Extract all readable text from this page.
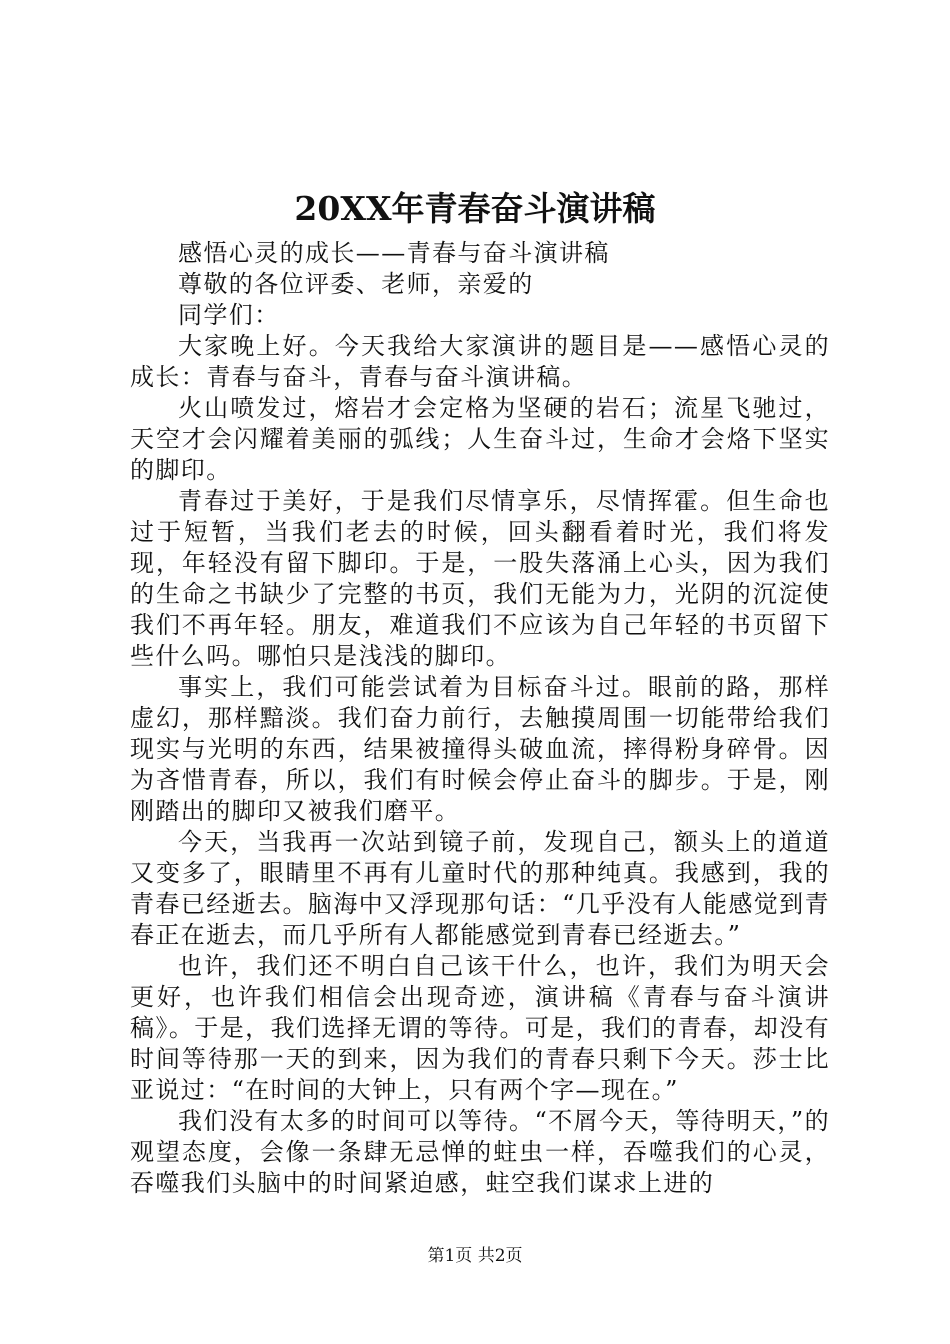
20XX年青春奋斗演讲稿

感悟心灵的成长——青春与奋斗演讲稿

尊敬的各位评委、老师，亲爱的

同学们：

大家晚上好。今天我给大家演讲的题目是——感悟心灵的成长：青春与奋斗，青春与奋斗演讲稿。

火山喷发过，熔岩才会定格为坚硬的岩石；流星飞驰过，天空才会闪耀着美丽的弧线；人生奋斗过，生命才会烙下坚实的脚印。

青春过于美好，于是我们尽情享乐，尽情挥霍。但生命也过于短暂，当我们老去的时候，回头翻看着时光，我们将发现，年轻没有留下脚印。于是，一股失落涌上心头，因为我们的生命之书缺少了完整的书页，我们无能为力，光阴的沉淀使我们不再年轻。朋友，难道我们不应该为自己年轻的书页留下些什么吗。哪怕只是浅浅的脚印。

事实上，我们可能尝试着为目标奋斗过。眼前的路，那样虚幻，那样黯淡。我们奋力前行，去触摸周围一切能带给我们现实与光明的东西，结果被撞得头破血流，摔得粉身碎骨。因为吝惜青春，所以，我们有时候会停止奋斗的脚步。于是，刚刚踏出的脚印又被我们磨平。

今天，当我再一次站到镜子前，发现自己，额头上的道道又变多了，眼睛里不再有儿童时代的那种纯真。我感到，我的青春已经逝去。脑海中又浮现那句话：“几乎没有人能感觉到青春正在逝去，而几乎所有人都能感觉到青春已经逝去。”

也许，我们还不明白自己该干什么，也许，我们为明天会更好，也许我们相信会出现奇迹，演讲稿《青春与奋斗演讲稿》。于是，我们选择无谓的等待。可是，我们的青春，却没有时间等待那一天的到来，因为我们的青春只剩下今天。莎士比亚说过：“在时间的大钟上，只有两个字—现在。”

我们没有太多的时间可以等待。“不屑今天，等待明天，”的观望态度，会像一条肆无忌惮的蛀虫一样，吞噬我们的心灵，吞噬我们头脑中的时间紧迫感，蛀空我们谋求上进的

第1页 共2页
